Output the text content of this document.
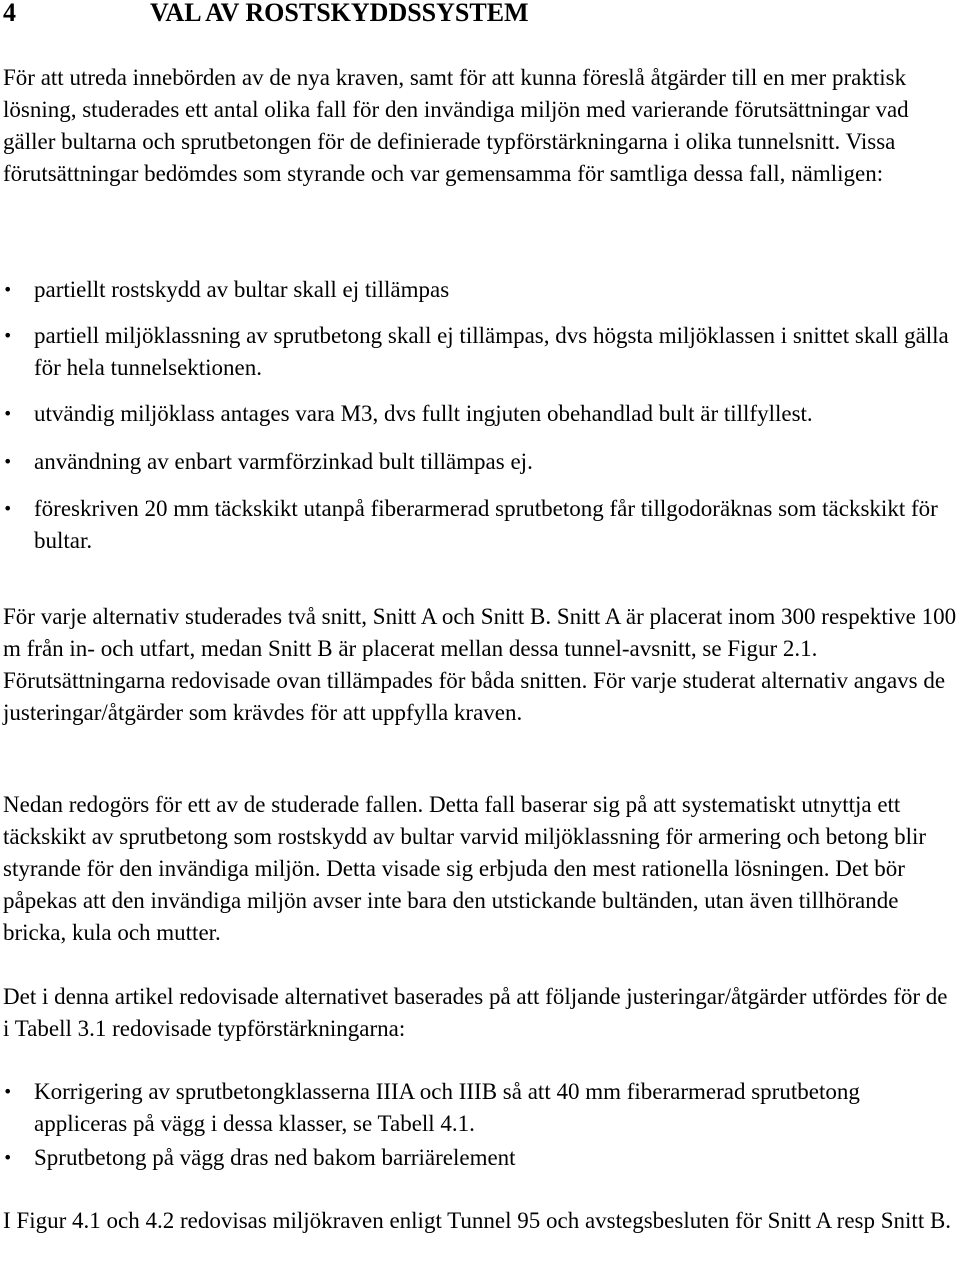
4	VAL AV ROSTSKYDDSSYSTEM

För att utreda innebörden av de nya kraven, samt för att kunna föreslå åtgärder till en mer praktisk lösning, studerades ett antal olika fall för den invändiga miljön med varierande förutsättningar vad gäller bultarna och sprutbetongen för de definierade typförstärkningarna i olika tunnelsnitt. Vissa förutsättningar bedömdes som styrande och var gemensamma för samtliga dessa fall, nämligen:

• partiellt rostskydd av bultar skall ej tillämpas
• partiell miljöklassning av sprutbetong skall ej tillämpas, dvs högsta miljöklassen i snittet skall gälla för hela tunnelsektionen.
• utvändig miljöklass antages vara M3, dvs fullt ingjuten obehandlad bult är tillfyllest.
• användning av enbart varmförzinkad bult tillämpas ej.
• föreskriven 20 mm täckskikt utanpå fiberarmerad sprutbetong får tillgodoräknas som täckskikt för bultar.

För varje alternativ studerades två snitt, Snitt A och Snitt B. Snitt A är placerat inom 300 respektive 100 m från in- och utfart, medan Snitt B är placerat mellan dessa tunnel-avsnitt, se Figur 2.1. Förutsättningarna redovisade ovan tillämpades för båda snitten. För varje studerat alternativ angavs de justeringar/åtgärder som krävdes för att uppfylla kraven.

Nedan redogörs för ett av de studerade fallen. Detta fall baserar sig på att systematiskt utnyttja ett täckskikt av sprutbetong som rostskydd av bultar varvid miljöklassning för armering och betong blir styrande för den invändiga miljön. Detta visade sig erbjuda den mest rationella lösningen. Det bör påpekas att den invändiga miljön avser inte bara den utstickande bultänden, utan även tillhörande bricka, kula och mutter.

Det i denna artikel redovisade alternativet baserades på att följande justeringar/åtgärder utfördes för de i Tabell 3.1 redovisade typförstärkningarna:

• Korrigering av sprutbetongklasserna IIIA och IIIB så att 40 mm fiberarmerad sprutbetong appliceras på vägg i dessa klasser, se Tabell 4.1.
• Sprutbetong på vägg dras ned bakom barriärelement

I Figur 4.1 och 4.2 redovisas miljökraven enligt Tunnel 95 och avstegsbesluten för Snitt A resp Snitt B.
